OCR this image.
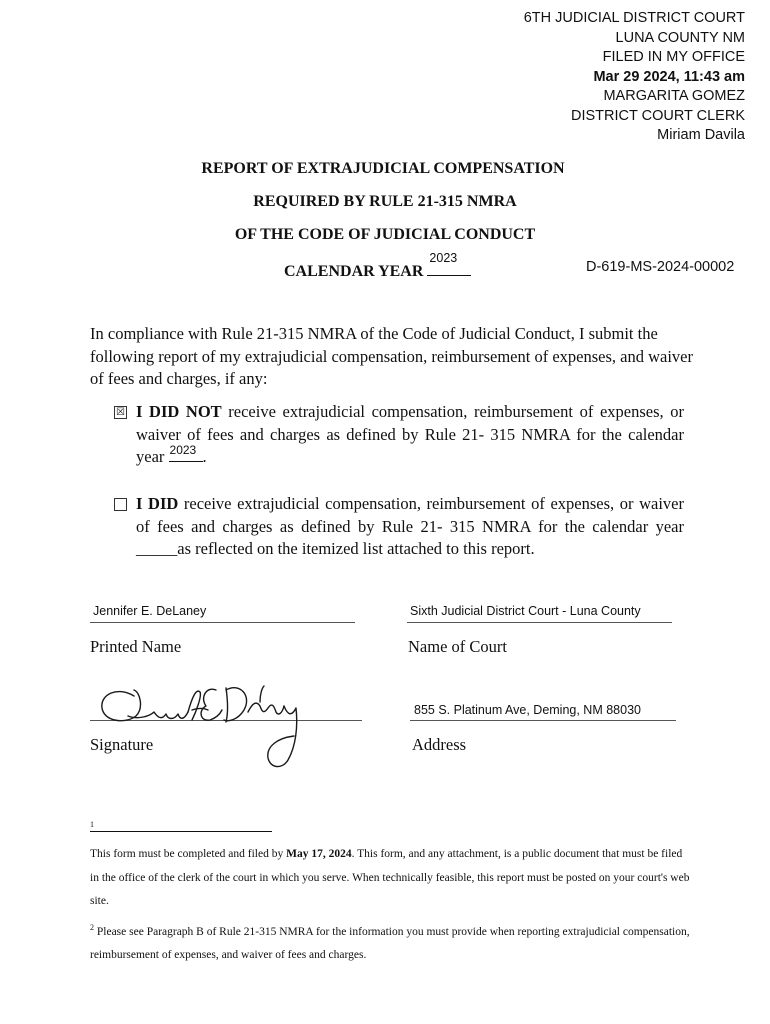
6TH JUDICIAL DISTRICT COURT
LUNA COUNTY NM
FILED IN MY OFFICE
Mar 29 2024, 11:43 am
MARGARITA GOMEZ
DISTRICT COURT CLERK
Miriam Davila
REPORT OF EXTRAJUDICIAL COMPENSATION
REQUIRED BY RULE 21-315 NMRA
OF THE CODE OF JUDICIAL CONDUCT
CALENDAR YEAR
2023
D-619-MS-2024-00002
In compliance with Rule 21-315 NMRA of the Code of Judicial Conduct, I submit the following report of my extrajudicial compensation, reimbursement of expenses, and waiver of fees and charges, if any:
☒ I DID NOT receive extrajudicial compensation, reimbursement of expenses, or waiver of fees and charges as defined by Rule 21- 315 NMRA for the calendar year 2023 .
I DID receive extrajudicial compensation, reimbursement of expenses, or waiver of fees and charges as defined by Rule 21- 315 NMRA for the calendar year _____as reflected on the itemized list attached to this report.
Jennifer E. DeLaney
Printed Name
Sixth Judicial District Court - Luna County
Name of Court
Signature
855 S. Platinum Ave, Deming, NM 88030
Address
1
This form must be completed and filed by May 17, 2024. This form, and any attachment, is a public document that must be filed in the office of the clerk of the court in which you serve. When technically feasible, this report must be posted on your court's web site.
$^2$ Please see Paragraph B of Rule 21-315 NMRA for the information you must provide when reporting extrajudicial compensation, reimbursement of expenses, and waiver of fees and charges.
